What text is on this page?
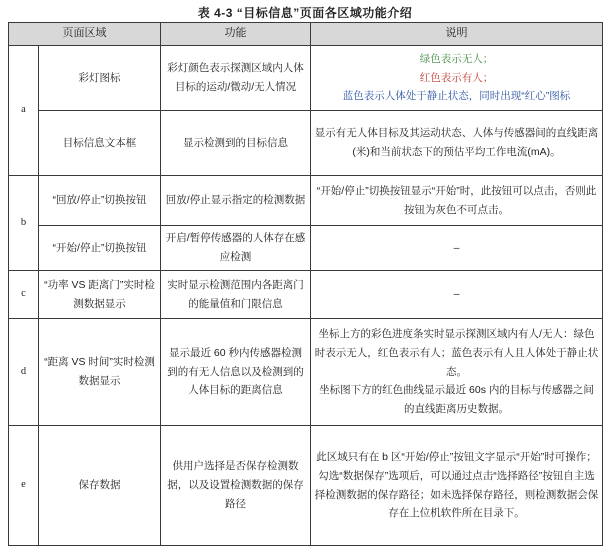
表 4-3 “目标信息”页面各区域功能介绍
页面区域		功能	说明
a	彩灯图标	彩灯颜色表示探测区域内人体目标的运动/微动/无人情况	绿色表示无人；
红色表示有人；
蓝色表示人体处于静止状态，同时出现“红心”图标

	目标信息文本框	显示检测到的目标信息	显示有无人体目标及其运动状态、人体与传感器间的直线距离(米)和当前状态下的预估平均工作电流(mA)。
b	“回放/停止”切换按钮	回放/停止显示指定的检测数据	“开始/停止”切换按钮显示“开始”时，此按钮可以点击，否则此按钮为灰色不可点击。
	“开始/停止”切换按钮	开启/暂停传感器的人体存在感应检测	–
c	“功率 VS 距离门”实时检测数据显示	实时显示检测范围内各距离门的能量值和门限信息	–
d	“距离 VS 时间”实时检测数据显示	显示最近 60 秒内传感器检测到的有无人信息以及检测到的人体目标的距离信息	坐标上方的彩色进度条实时显示探测区域内有人/无人：绿色时表示无人，红色表示有人；蓝色表示有人且人体处于静止状态。
坐标图下方的红色曲线显示最近 60s 内的目标与传感器之间的直线距离历史数据。

e	保存数据	供用户选择是否保存检测数据，以及设置检测数据的保存路径	此区域只有在 b 区“开始/停止”按钮文字显示“开始”时可操作；
勾选“数据保存”选项后，可以通过点击“选择路径”按钮自主选择检测数据的保存路径；如未选择保存路径，则检测数据会保存在上位机软件所在目录下。
